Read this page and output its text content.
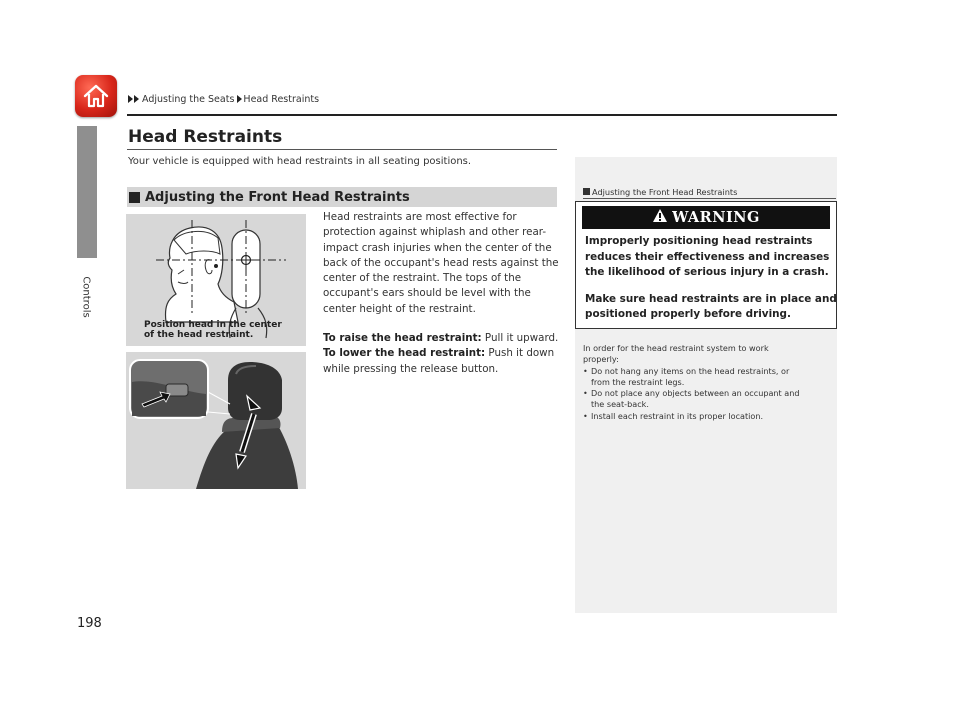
Adjusting the Seats Head Restraints
Controls
198
Head Restraints
Your vehicle is equipped with head restraints in all seating positions.
Adjusting the Front Head Restraints
Position head in the center
of the head restraint.

Head restraints are most effective for

protection against whiplash and other rear-

impact crash injuries when the center of the

back of the occupant's head rests against the

center of the restraint. The tops of the

occupant's ears should be level with the

center height of the restraint.

To raise the head restraint: Pull it upward.

To lower the head restraint: Push it down

while pressing the release button.

Adjusting the Front Head Restraints
WARNING

Improperly positioning head restraints

reduces their effectiveness and increases

the likelihood of serious injury in a crash.

Make sure head restraints are in place and

positioned properly before driving.

In order for the head restraint system to work

properly:

• Do not hang any items on the head restraints, or

from the restraint legs.

• Do not place any objects between an occupant and

the seat-back.

• Install each restraint in its proper location.
